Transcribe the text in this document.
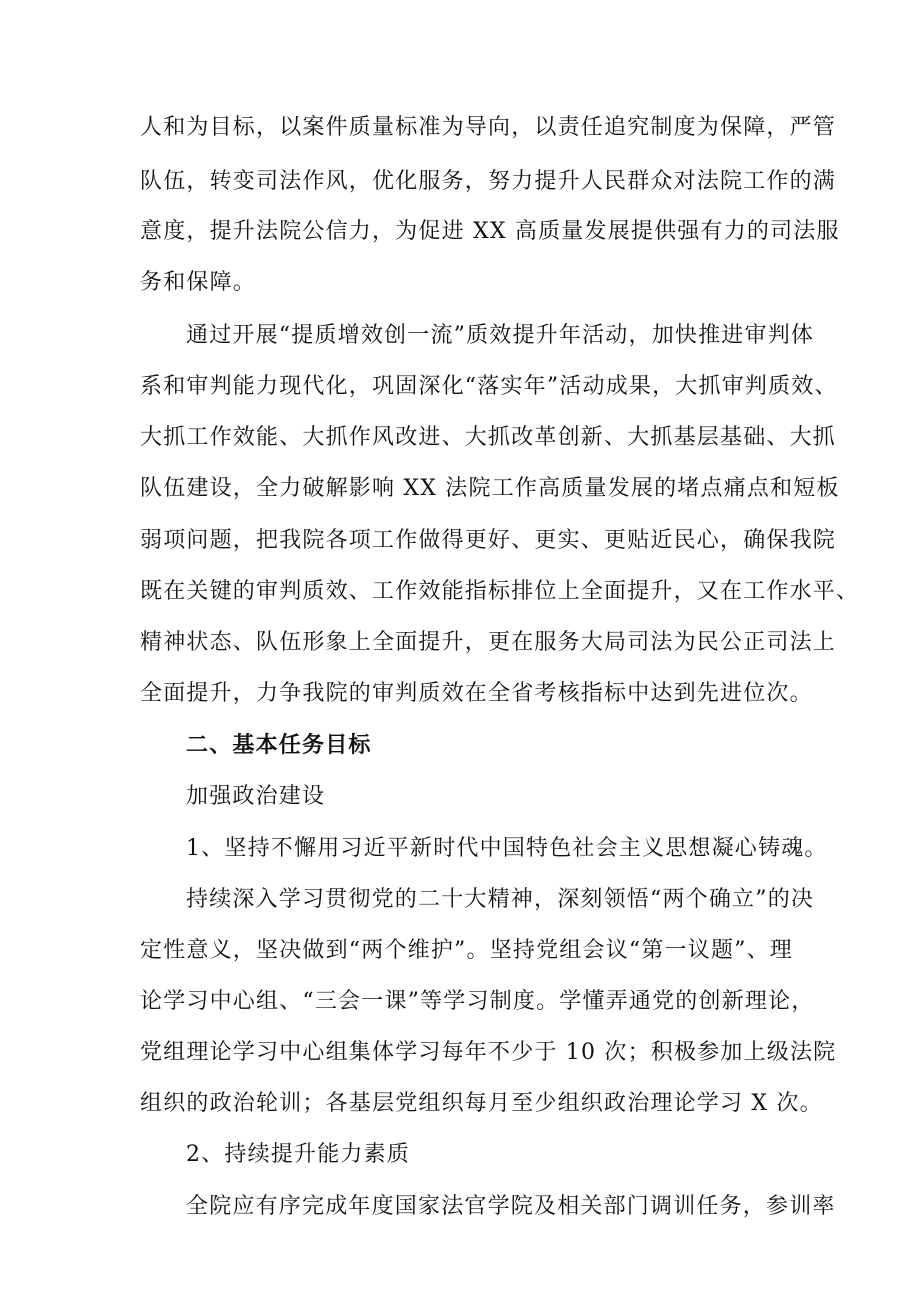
人和为目标，以案件质量标准为导向，以责任追究制度为保障，严管
队伍，转变司法作风，优化服务，努力提升人民群众对法院工作的满
意度，提升法院公信力，为促进 XX 高质量发展提供强有力的司法服
务和保障。
通过开展“提质增效创一流”质效提升年活动，加快推进审判体
系和审判能力现代化，巩固深化“落实年”活动成果，大抓审判质效、
大抓工作效能、大抓作风改进、大抓改革创新、大抓基层基础、大抓
队伍建设，全力破解影响 XX 法院工作高质量发展的堵点痛点和短板
弱项问题，把我院各项工作做得更好、更实、更贴近民心，确保我院
既在关键的审判质效、工作效能指标排位上全面提升，又在工作水平、
精神状态、队伍形象上全面提升，更在服务大局司法为民公正司法上
全面提升，力争我院的审判质效在全省考核指标中达到先进位次。
二、基本任务目标
加强政治建设
1、坚持不懈用习近平新时代中国特色社会主义思想凝心铸魂。
持续深入学习贯彻党的二十大精神，深刻领悟“两个确立”的决
定性意义，坚决做到“两个维护”。坚持党组会议“第一议题”、理
论学习中心组、“三会一课”等学习制度。学懂弄通党的创新理论，
党组理论学习中心组集体学习每年不少于 10 次；积极参加上级法院
组织的政治轮训；各基层党组织每月至少组织政治理论学习 X 次。
2、持续提升能力素质
全院应有序完成年度国家法官学院及相关部门调训任务，参训率
